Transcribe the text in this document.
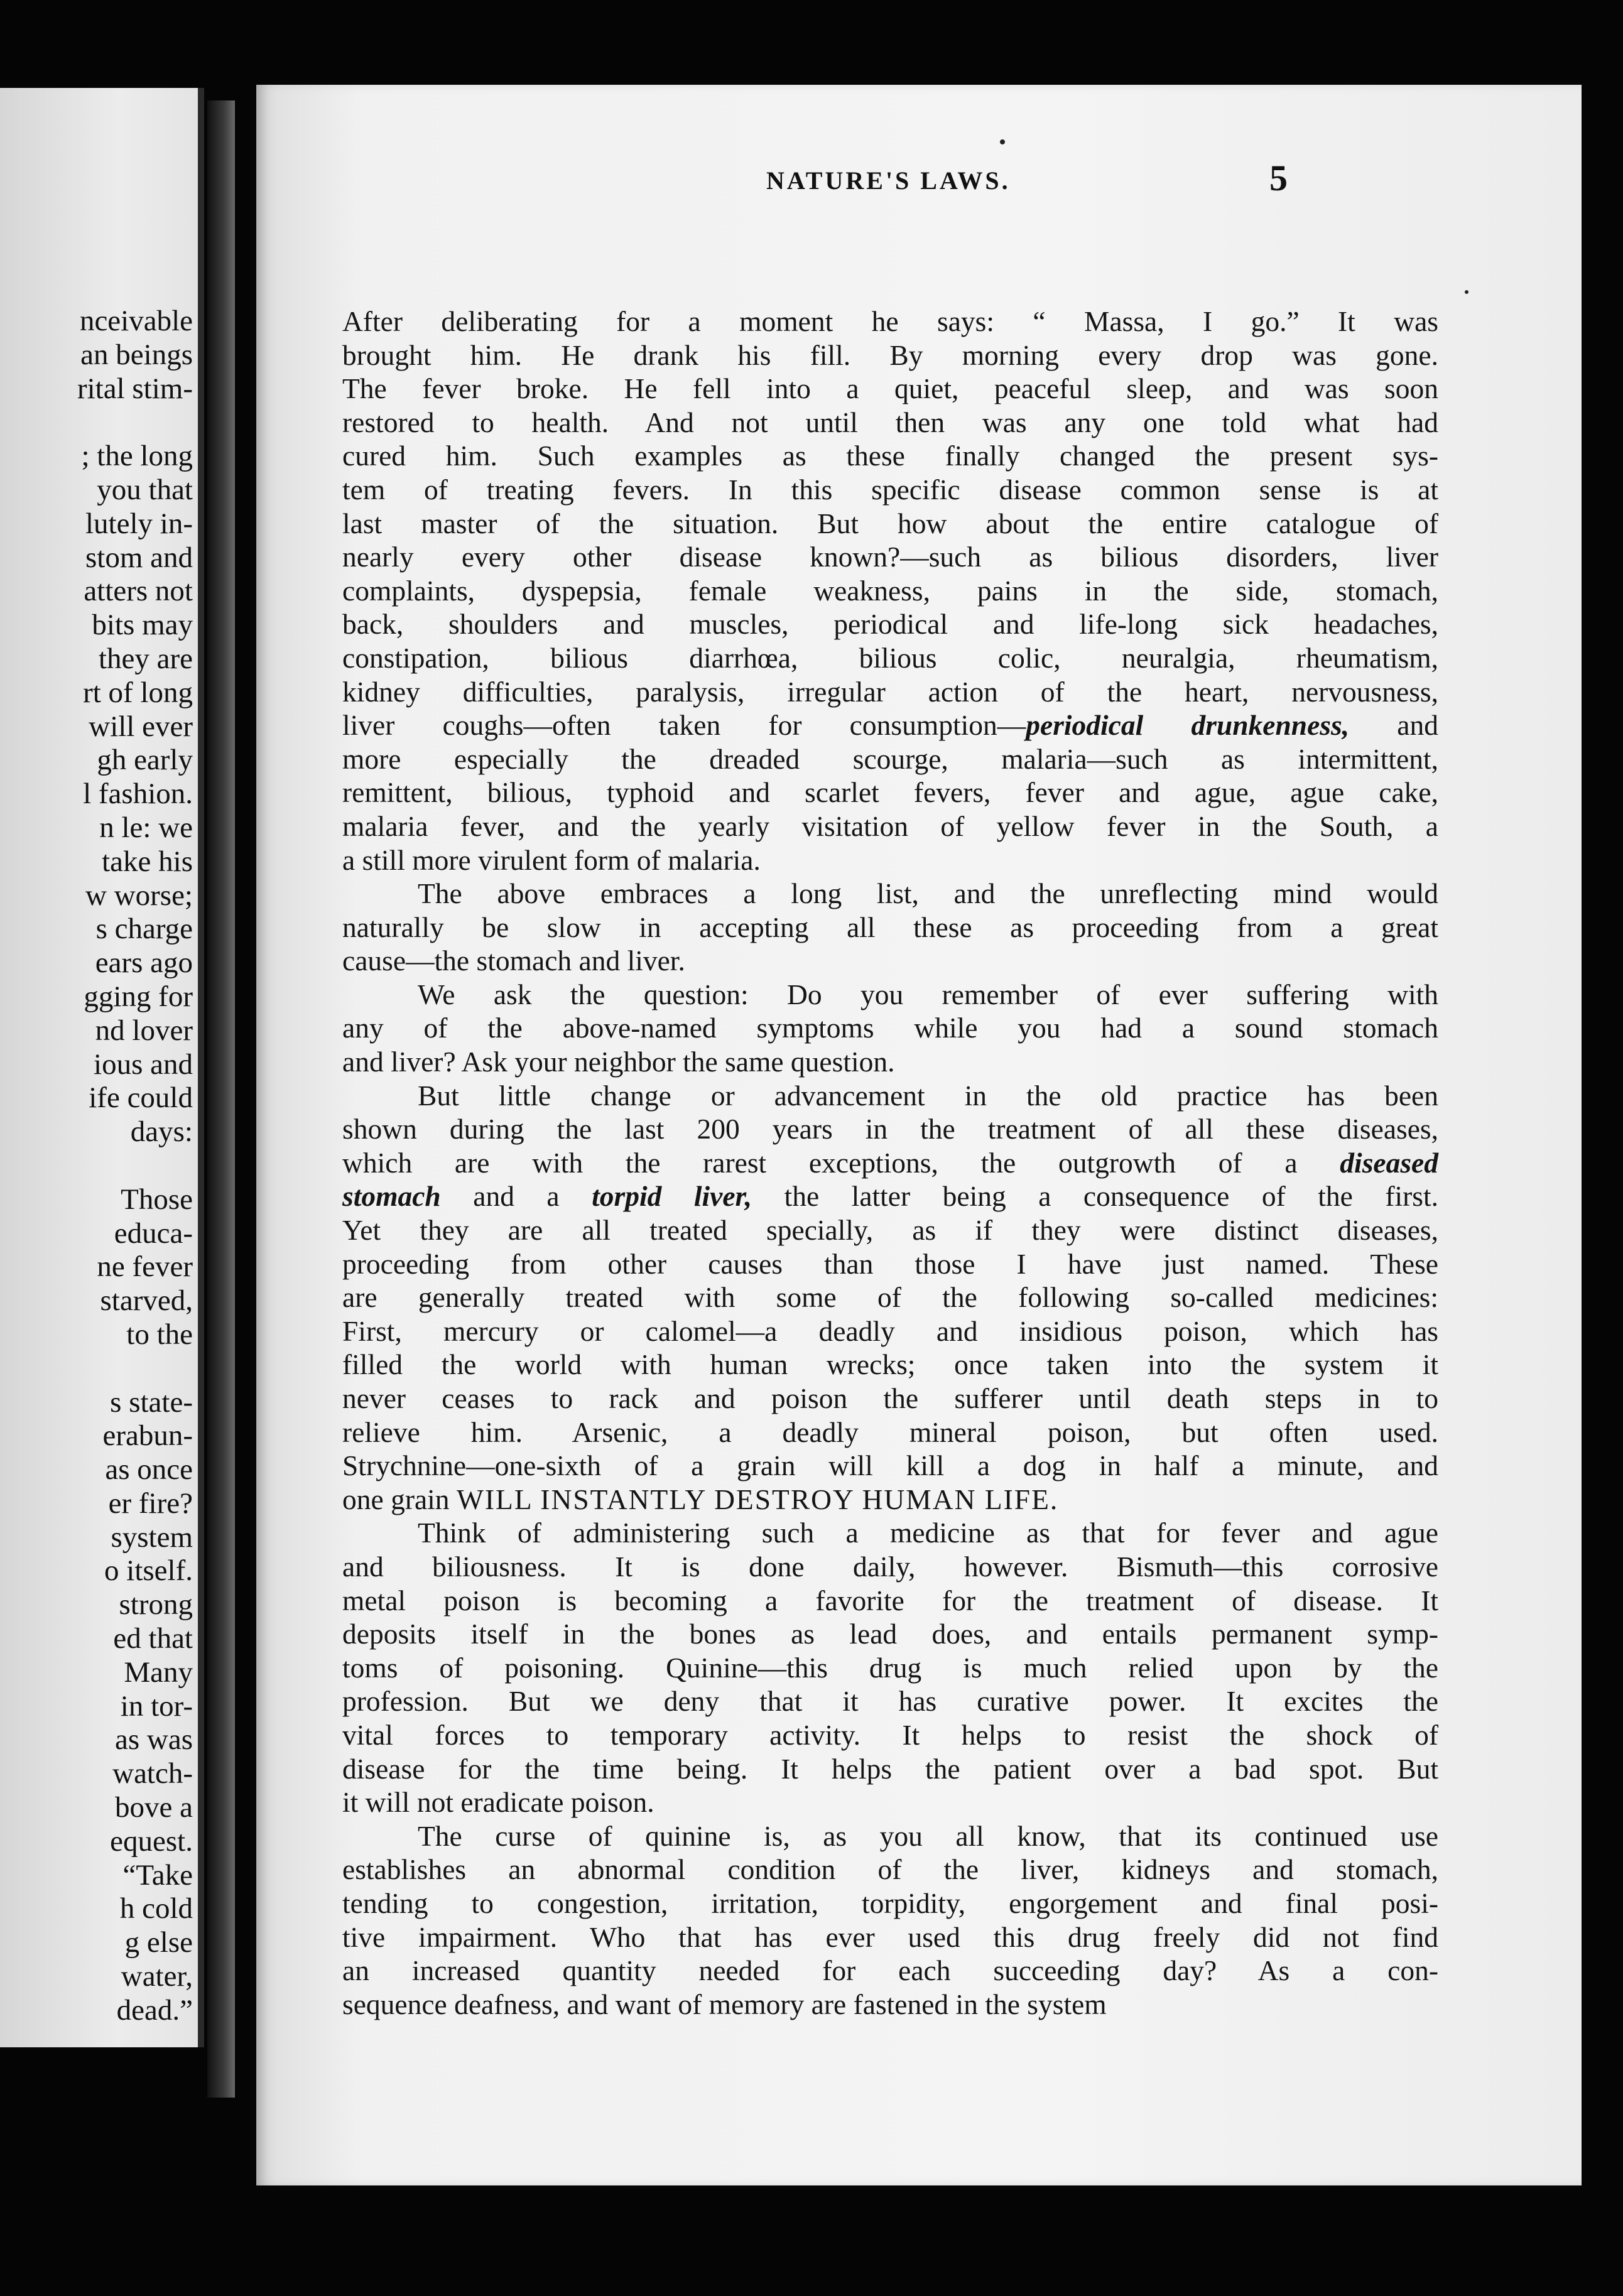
nceivable
an beings
rital stim-
; the long
you that
lutely in-
stom and
atters not
bits may
they are
rt of long
will ever
gh early
l fashion.
n le: we
take his
w worse;
s charge
ears ago
gging for
nd lover
ious and
ife could
days:
Those
educa-
ne fever
starved,
to the
s state-
erabun-
as once
er fire?
system
o itself.
strong
ed that
Many
in tor-
as was
watch-
bove a
equest.
“Take
h cold
g else
water,
dead.”
NATURE'S LAWS.	5
After deliberating for a moment he says: “ Massa, I go.” It was
brought him. He drank his fill. By morning every drop was gone.
The fever broke. He fell into a quiet, peaceful sleep, and was soon
restored to health. And not until then was any one told what had
cured him. Such examples as these finally changed the present sys-
tem of treating fevers. In this specific disease common sense is at
last master of the situation. But how about the entire catalogue of
nearly every other disease known?—such as bilious disorders, liver
complaints, dyspepsia, female weakness, pains in the side, stomach,
back, shoulders and muscles, periodical and life-long sick headaches,
constipation, bilious diarrhœa, bilious colic, neuralgia, rheumatism,
kidney difficulties, paralysis, irregular action of the heart, nervousness,
liver coughs—often taken for consumption—periodical drunkenness, and
more especially the dreaded scourge, malaria—such as intermittent,
remittent, bilious, typhoid and scarlet fevers, fever and ague, ague cake,
malaria fever, and the yearly visitation of yellow fever in the South, a
a still more virulent form of malaria.
The above embraces a long list, and the unreflecting mind would
naturally be slow in accepting all these as proceeding from a great
cause—the stomach and liver.
We ask the question: Do you remember of ever suffering with
any of the above-named symptoms while you had a sound stomach
and liver? Ask your neighbor the same question.
But little change or advancement in the old practice has been
shown during the last 200 years in the treatment of all these diseases,
which are with the rarest exceptions, the outgrowth of a diseased
stomach and a torpid liver, the latter being a consequence of the first.
Yet they are all treated specially, as if they were distinct diseases,
proceeding from other causes than those I have just named. These
are generally treated with some of the following so-called medicines:
First, mercury or calomel—a deadly and insidious poison, which has
filled the world with human wrecks; once taken into the system it
never ceases to rack and poison the sufferer until death steps in to
relieve him. Arsenic, a deadly mineral poison, but often used.
Strychnine—one-sixth of a grain will kill a dog in half a minute, and
one grain WILL INSTANTLY DESTROY HUMAN LIFE.
Think of administering such a medicine as that for fever and ague
and biliousness. It is done daily, however. Bismuth—this corrosive
metal poison is becoming a favorite for the treatment of disease. It
deposits itself in the bones as lead does, and entails permanent symp-
toms of poisoning. Quinine—this drug is much relied upon by the
profession. But we deny that it has curative power. It excites the
vital forces to temporary activity. It helps to resist the shock of
disease for the time being. It helps the patient over a bad spot. But
it will not eradicate poison.
The curse of quinine is, as you all know, that its continued use
establishes an abnormal condition of the liver, kidneys and stomach,
tending to congestion, irritation, torpidity, engorgement and final posi-
tive impairment. Who that has ever used this drug freely did not find
an increased quantity needed for each succeeding day? As a con-
sequence deafness, and want of memory are fastened in the system
